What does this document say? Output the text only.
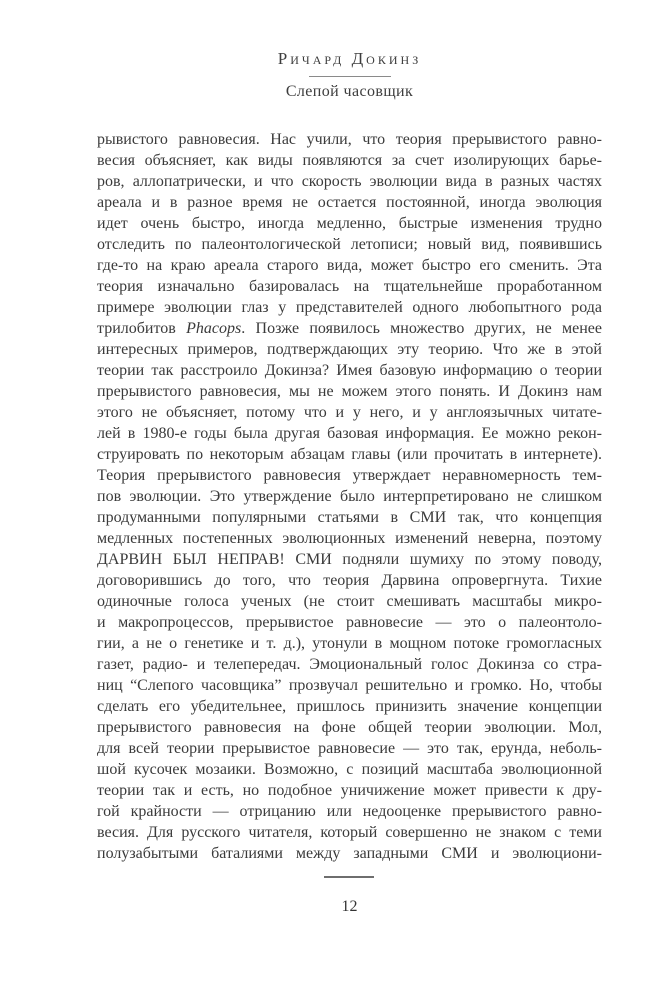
Ричард Докинз
Слепой часовщик
рывистого равновесия. Нас учили, что теория прерывистого равно-
весия объясняет, как виды появляются за счет изолирующих барье-
ров, аллопатрически, и что скорость эволюции вида в разных частях
ареала и в разное время не остается постоянной, иногда эволюция
идет очень быстро, иногда медленно, быстрые изменения трудно
отследить по палеонтологической летописи; новый вид, появившись
где-то на краю ареала старого вида, может быстро его сменить. Эта
теория изначально базировалась на тщательнейше проработанном
примере эволюции глаз у представителей одного любопытного рода
трилобитов Phacops. Позже появилось множество других, не менее
интересных примеров, подтверждающих эту теорию. Что же в этой
теории так расстроило Докинза? Имея базовую информацию о теории
прерывистого равновесия, мы не можем этого понять. И Докинз нам
этого не объясняет, потому что и у него, и у англоязычных читате-
лей в 1980-е годы была другая базовая информация. Ее можно рекон-
струировать по некоторым абзацам главы (или прочитать в интернете).
Теория прерывистого равновесия утверждает неравномерность тем-
пов эволюции. Это утверждение было интерпретировано не слишком
продуманными популярными статьями в СМИ так, что концепция
медленных постепенных эволюционных изменений неверна, поэтому
ДАРВИН БЫЛ НЕПРАВ! СМИ подняли шумиху по этому поводу,
договорившись до того, что теория Дарвина опровергнута. Тихие
одиночные голоса ученых (не стоит смешивать масштабы микро-
и макропроцессов, прерывистое равновесие — это о палеонтоло-
гии, а не о генетике и т. д.), утонули в мощном потоке громогласных
газет, радио- и телепередач. Эмоциональный голос Докинза со стра-
ниц “Слепого часовщика” прозвучал решительно и громко. Но, чтобы
сделать его убедительнее, пришлось принизить значение концепции
прерывистого равновесия на фоне общей теории эволюции. Мол,
для всей теории прерывистое равновесие — это так, ерунда, неболь-
шой кусочек мозаики. Возможно, с позиций масштаба эволюционной
теории так и есть, но подобное уничижение может привести к дру-
гой крайности — отрицанию или недооценке прерывистого равно-
весия. Для русского читателя, который совершенно не знаком с теми
полузабытыми баталиями между западными СМИ и эволюциони-
12
